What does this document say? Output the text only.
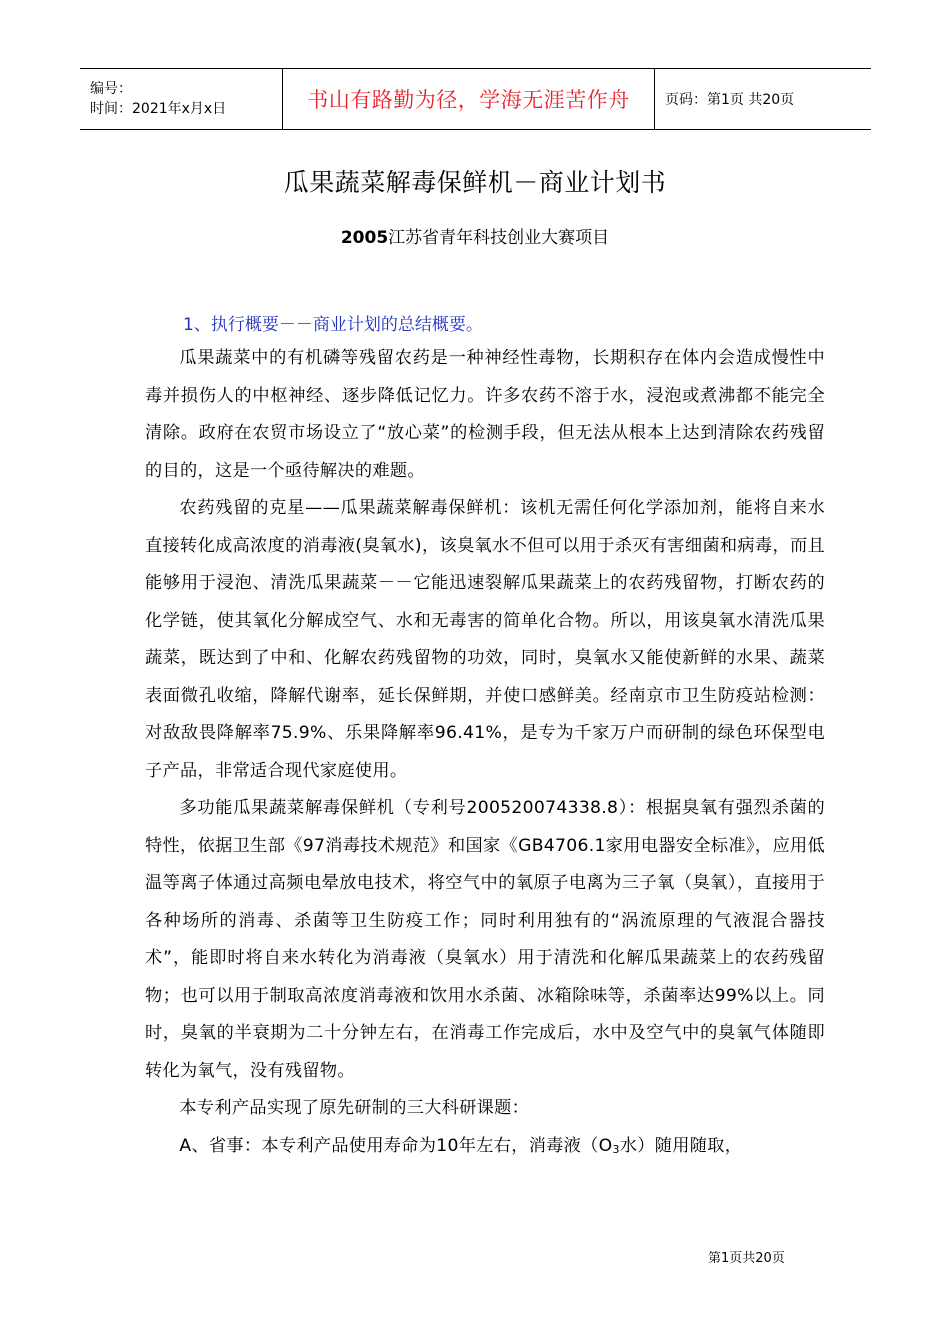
编号：
时间：2021年x月x日	书山有路勤为径，学海无涯苦作舟	页码：第1页 共20页
瓜果蔬菜解毒保鲜机－商业计划书
2005江苏省青年科技创业大赛项目
1、执行概要－－商业计划的总结概要。

瓜果蔬菜中的有机磷等残留农药是一种神经性毒物，长期积存在体内会造成慢性中毒并损伤人的中枢神经、逐步降低记忆力。许多农药不溶于水，浸泡或煮沸都不能完全清除。政府在农贸市场设立了“放心菜”的检测手段，但无法从根本上达到清除农药残留的目的，这是一个亟待解决的难题。

农药残留的克星——瓜果蔬菜解毒保鲜机：该机无需任何化学添加剂，能将自来水直接转化成高浓度的消毒液(臭氧水)，该臭氧水不但可以用于杀灭有害细菌和病毒，而且能够用于浸泡、清洗瓜果蔬菜－－它能迅速裂解瓜果蔬菜上的农药残留物，打断农药的化学链，使其氧化分解成空气、水和无毒害的简单化合物。所以，用该臭氧水清洗瓜果蔬菜，既达到了中和、化解农药残留物的功效，同时，臭氧水又能使新鲜的水果、蔬菜表面微孔收缩，降解代谢率，延长保鲜期，并使口感鲜美。经南京市卫生防疫站检测：对敌敌畏降解率75.9%、乐果降解率96.41%，是专为千家万户而研制的绿色环保型电子产品，非常适合现代家庭使用。

多功能瓜果蔬菜解毒保鲜机（专利号200520074338.8）：根据臭氧有强烈杀菌的特性，依据卫生部《97消毒技术规范》和国家《GB4706.1家用电器安全标准》，应用低温等离子体通过高频电晕放电技术，将空气中的氧原子电离为三子氧（臭氧），直接用于各种场所的消毒、杀菌等卫生防疫工作；同时利用独有的“涡流原理的气液混合器技术”，能即时将自来水转化为消毒液（臭氧水）用于清洗和化解瓜果蔬菜上的农药残留物；也可以用于制取高浓度消毒液和饮用水杀菌、冰箱除味等，杀菌率达99%以上。同时，臭氧的半衰期为二十分钟左右，在消毒工作完成后，水中及空气中的臭氧气体随即转化为氧气，没有残留物。

本专利产品实现了原先研制的三大科研课题：

A、省事：本专利产品使用寿命为10年左右，消毒液（$O_3$水）随用随取，

第1页共20页
